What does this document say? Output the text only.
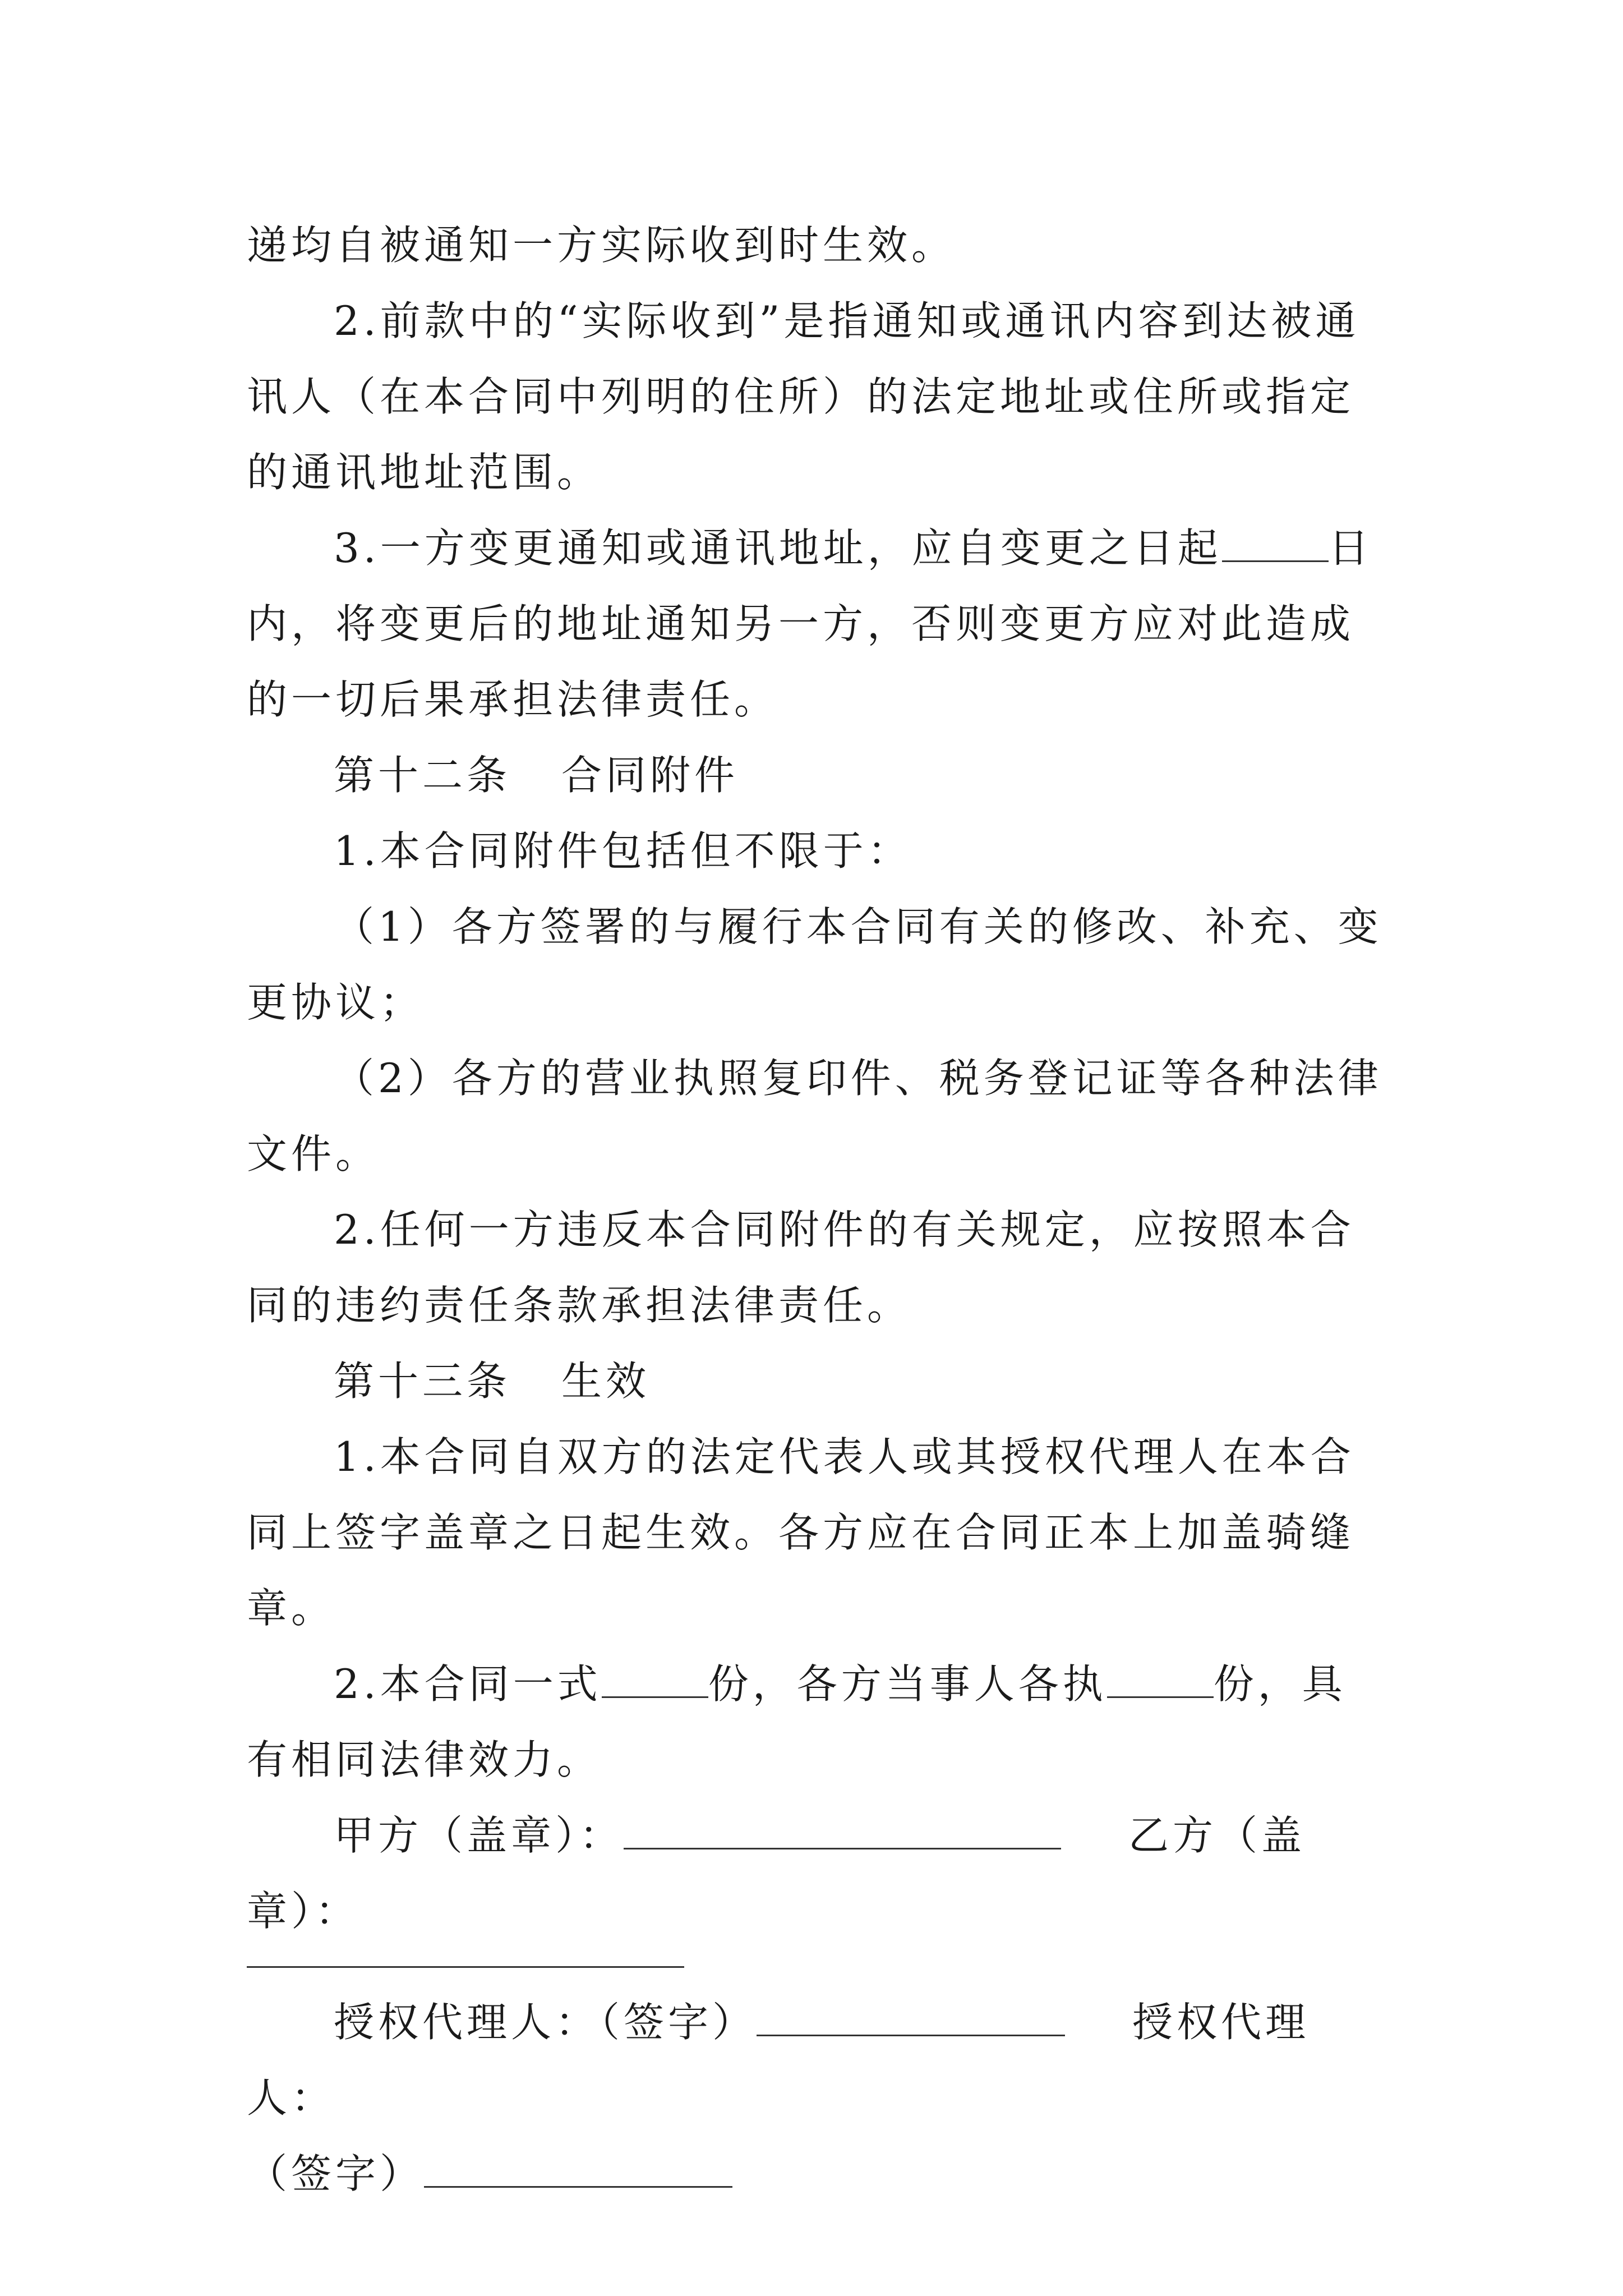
递均自被通知一方实际收到时生效。

2.前款中的“实际收到”是指通知或通讯内容到达被通讯人（在本合同中列明的住所）的法定地址或住所或指定的通讯地址范围。

3.一方变更通知或通讯地址，应自变更之日起	日内，将变更后的地址通知另一方，否则变更方应对此造成的一切后果承担法律责任。

第十二条 合同附件

1.本合同附件包括但不限于：

（1）各方签署的与履行本合同有关的修改、补充、变更协议；

（2）各方的营业执照复印件、税务登记证等各种法律文件。

2.任何一方违反本合同附件的有关规定，应按照本合同的违约责任条款承担法律责任。

第十三条 生效

1.本合同自双方的法定代表人或其授权代理人在本合同上签字盖章之日起生效。各方应在合同正本上加盖骑缝章。

2.本合同一式	份，各方当事人各执	份，具有相同法律效力。

甲方（盖章）：	乙方（盖章）：

授权代理人：（签字）	授权代理人：

（签字）
